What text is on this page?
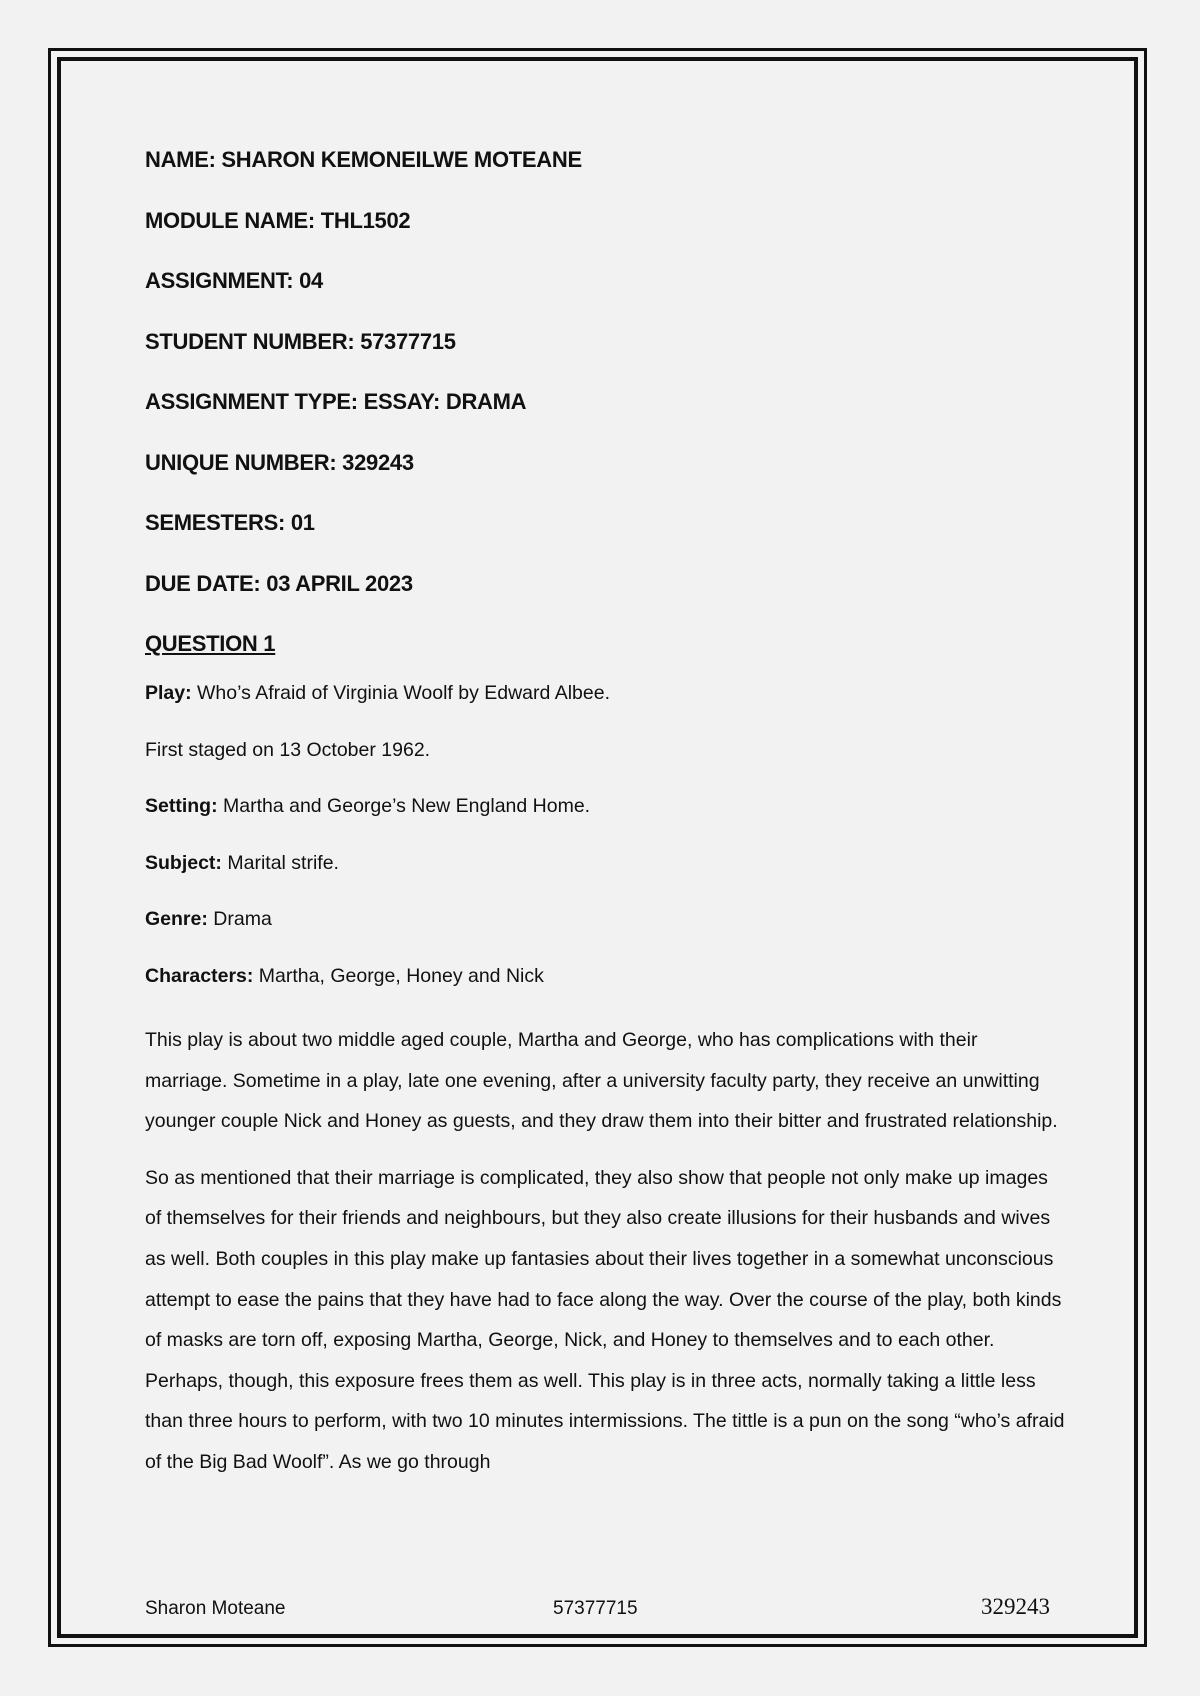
NAME: SHARON KEMONEILWE MOTEANE

MODULE NAME: THL1502

ASSIGNMENT: 04

STUDENT NUMBER: 57377715

ASSIGNMENT TYPE: ESSAY: DRAMA

UNIQUE NUMBER: 329243

SEMESTERS: 01

DUE DATE: 03 APRIL 2023

QUESTION 1

Play: Who’s Afraid of Virginia Woolf by Edward Albee.

First staged on 13 October 1962.

Setting: Martha and George’s New England Home.

Subject: Marital strife.

Genre: Drama

Characters: Martha, George, Honey and Nick

This play is about two middle aged couple, Martha and George, who has complications with their marriage. Sometime in a play, late one evening, after a university faculty party, they receive an unwitting younger couple Nick and Honey as guests, and they draw them into their bitter and frustrated relationship.

So as mentioned that their marriage is complicated, they also show that people not only make up images of themselves for their friends and neighbours, but they also create illusions for their husbands and wives as well. Both couples in this play make up fantasies about their lives together in a somewhat unconscious attempt to ease the pains that they have had to face along the way. Over the course of the play, both kinds of masks are torn off, exposing Martha, George, Nick, and Honey to themselves and to each other. Perhaps, though, this exposure frees them as well. This play is in three acts, normally taking a little less than three hours to perform, with two 10 minutes intermissions. The tittle is a pun on the song “who’s afraid of the Big Bad Woolf”. As we go through

Sharon Moteane	57377715	329243
